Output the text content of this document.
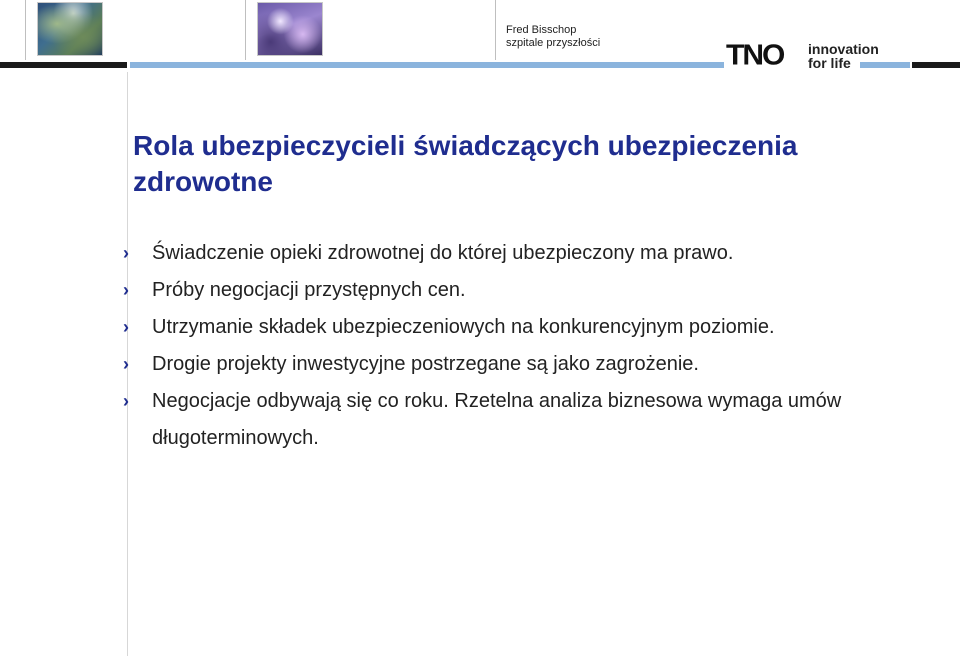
Fred Bisschop
szpitale przyszłości	TNO innovation
for life
Rola ubezpieczycieli świadczących ubezpieczenia zdrowotne
›	Świadczenie opieki zdrowotnej do której ubezpieczony ma prawo.
›	Próby negocjacji przystępnych cen.
›	Utrzymanie składek ubezpieczeniowych na konkurencyjnym poziomie.
›	Drogie projekty inwestycyjne postrzegane są jako zagrożenie.
›	Negocjacje odbywają się co roku. Rzetelna analiza biznesowa wymaga umów długoterminowych.
